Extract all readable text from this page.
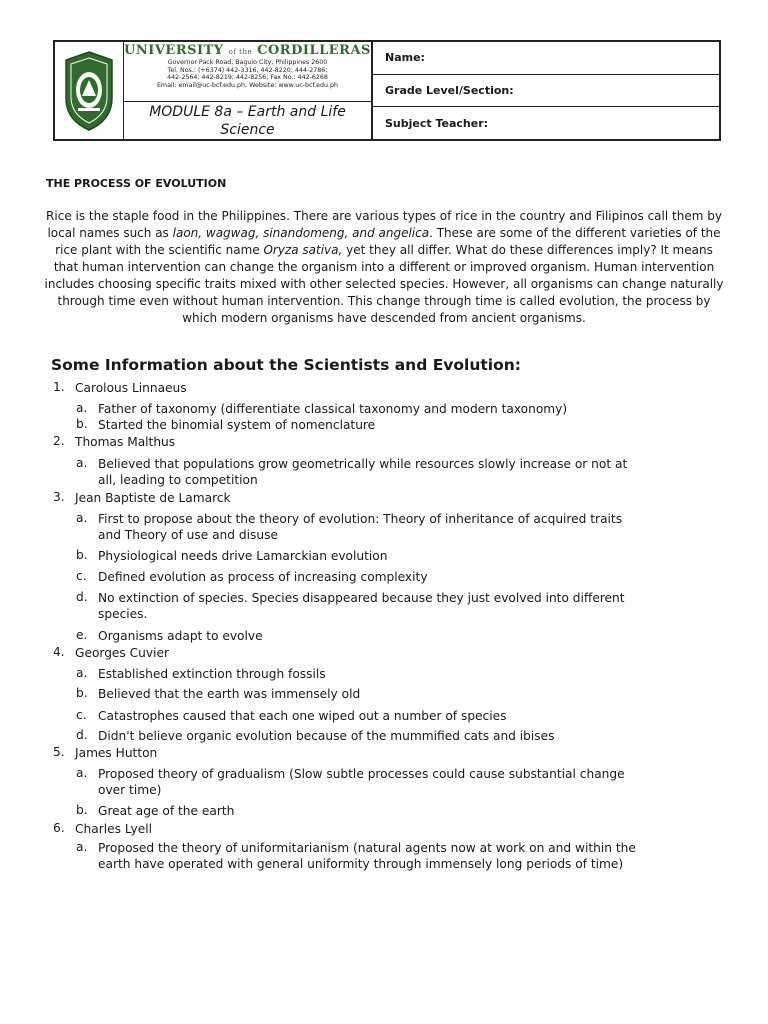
UNIVERSITY of the CORDILLERAS
Governor Pack Road, Baguio City, Philippines 2600
Tel. Nos.: (+6374) 442-3316, 442-8220; 444-2786;
442-2564; 442-8219; 442-8256; Fax No.: 442-6268
Email: email@uc-bcf.edu.ph; Website: www.uc-bcf.edu.ph
MODULE 8a – Earth and Life Science
Name:
Grade Level/Section:
Subject Teacher:
THE PROCESS OF EVOLUTION
Rice is the staple food in the Philippines. There are various types of rice in the country and Filipinos call them by local names such as laon, wagwag, sinandomeng, and angelica. These are some of the different varieties of the rice plant with the scientific name Oryza sativa, yet they all differ. What do these differences imply? It means that human intervention can change the organism into a different or improved organism. Human intervention includes choosing specific traits mixed with other selected species. However, all organisms can change naturally through time even without human intervention. This change through time is called evolution, the process by which modern organisms have descended from ancient organisms.
Some Information about the Scientists and Evolution:
1. Carolous Linnaeus
a. Father of taxonomy (differentiate classical taxonomy and modern taxonomy)
b. Started the binomial system of nomenclature
2. Thomas Malthus
a. Believed that populations grow geometrically while resources slowly increase or not at
all, leading to competition
3. Jean Baptiste de Lamarck
a. First to propose about the theory of evolution: Theory of inheritance of acquired traits
and Theory of use and disuse
b. Physiological needs drive Lamarckian evolution
c. Defined evolution as process of increasing complexity
d. No extinction of species. Species disappeared because they just evolved into different
species.
e. Organisms adapt to evolve
4. Georges Cuvier
a. Established extinction through fossils
b. Believed that the earth was immensely old
c. Catastrophes caused that each one wiped out a number of species
d. Didn't believe organic evolution because of the mummified cats and ibises
5. James Hutton
a. Proposed theory of gradualism (Slow subtle processes could cause substantial change
over time)
b. Great age of the earth
6. Charles Lyell
a. Proposed the theory of uniformitarianism (natural agents now at work on and within the
earth have operated with general uniformity through immensely long periods of time)
